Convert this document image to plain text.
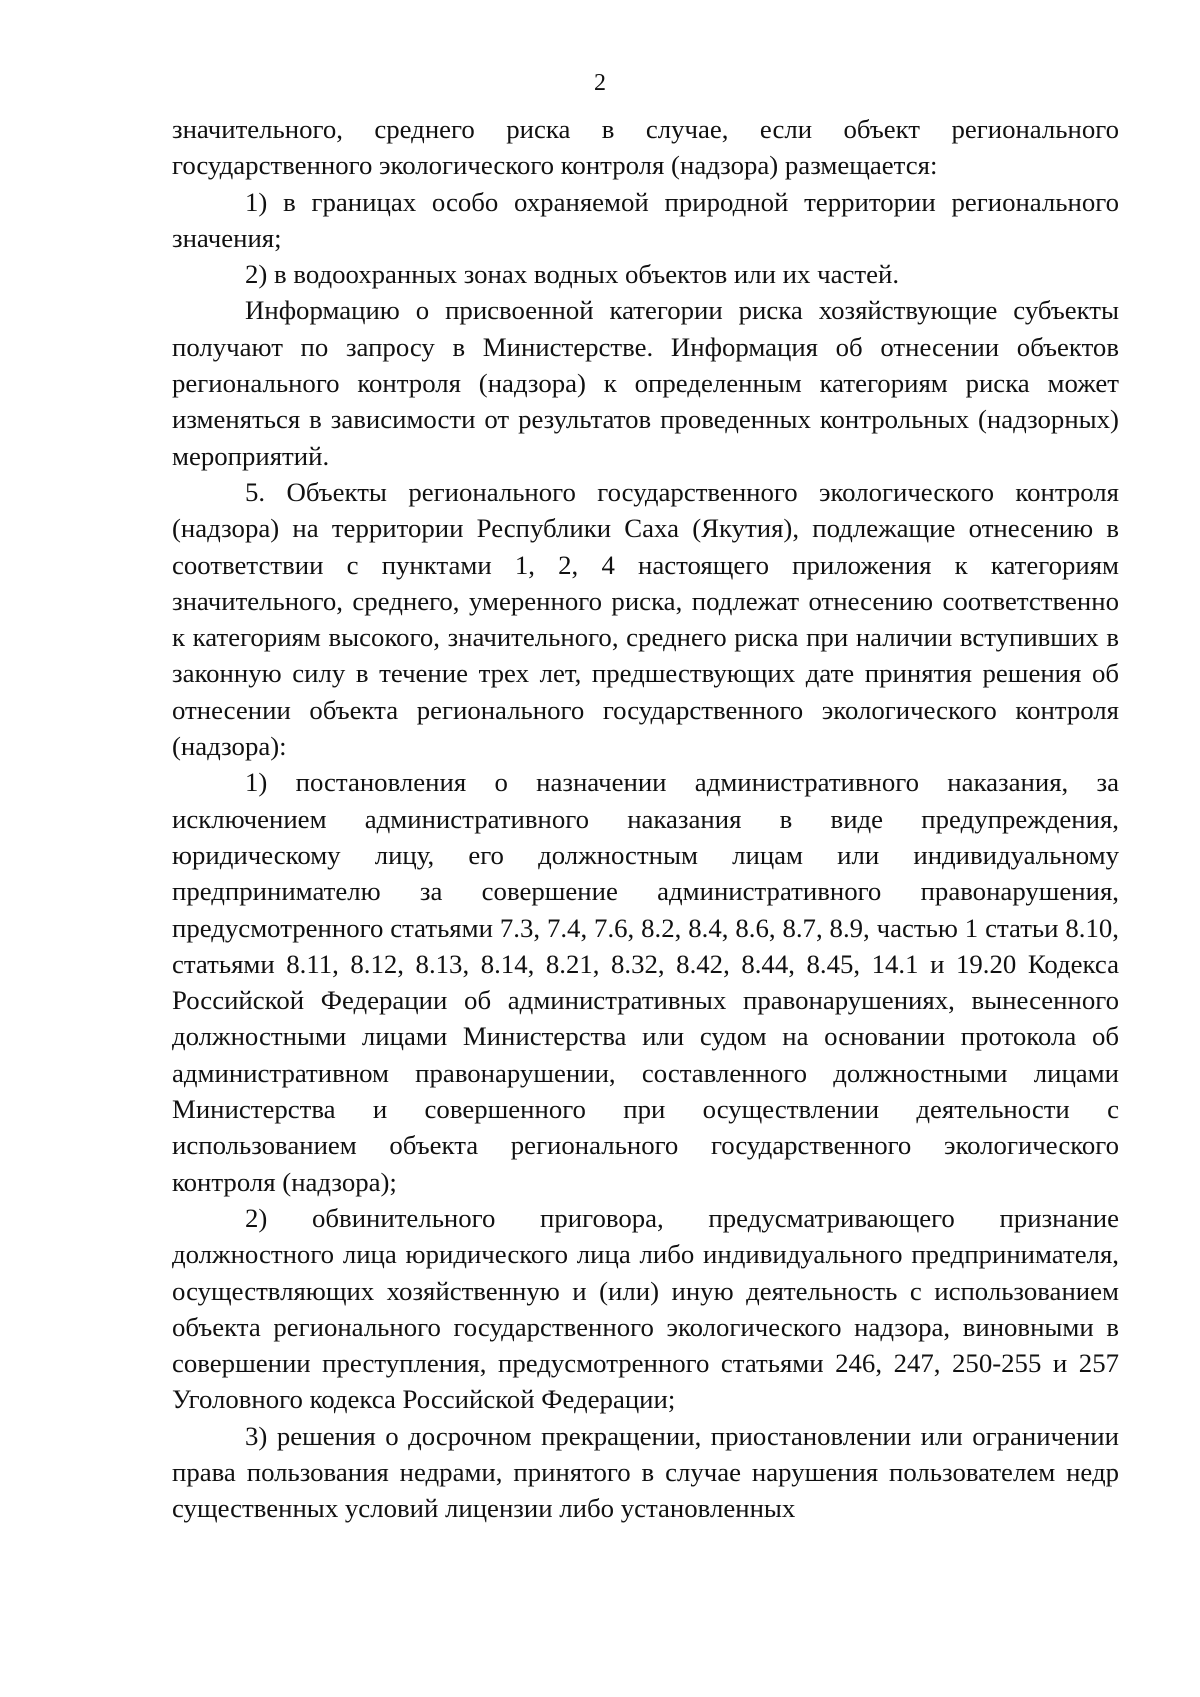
2

значительного, среднего риска в случае, если объект регионального государственного экологического контроля (надзора) размещается:

1) в границах особо охраняемой природной территории регионального значения;

2) в водоохранных зонах водных объектов или их частей.

Информацию о присвоенной категории риска хозяйствующие субъекты получают по запросу в Министерстве. Информация об отнесении объектов регионального контроля (надзора) к определенным категориям риска может изменяться в зависимости от результатов проведенных контрольных (надзорных) мероприятий.

5. Объекты регионального государственного экологического контроля (надзора) на территории Республики Саха (Якутия), подлежащие отнесению в соответствии с пунктами 1, 2, 4 настоящего приложения к категориям значительного, среднего, умеренного риска, подлежат отнесению соответственно к категориям высокого, значительного, среднего риска при наличии вступивших в законную силу в течение трех лет, предшествующих дате принятия решения об отнесении объекта регионального государственного экологического контроля (надзора):

1) постановления о назначении административного наказания, за исключением административного наказания в виде предупреждения, юридическому лицу, его должностным лицам или индивидуальному предпринимателю за совершение административного правонарушения, предусмотренного статьями 7.3, 7.4, 7.6, 8.2, 8.4, 8.6, 8.7, 8.9, частью 1 статьи 8.10, статьями 8.11, 8.12, 8.13, 8.14, 8.21, 8.32, 8.42, 8.44, 8.45, 14.1 и 19.20 Кодекса Российской Федерации об административных правонарушениях, вынесенного должностными лицами Министерства или судом на основании протокола об административном правонарушении, составленного должностными лицами Министерства и совершенного при осуществлении деятельности с использованием объекта регионального государственного экологического контроля (надзора);

2) обвинительного приговора, предусматривающего признание должностного лица юридического лица либо индивидуального предпринимателя, осуществляющих хозяйственную и (или) иную деятельность с использованием объекта регионального государственного экологического надзора, виновными в совершении преступления, предусмотренного статьями 246, 247, 250-255 и 257 Уголовного кодекса Российской Федерации;

3) решения о досрочном прекращении, приостановлении или ограничении права пользования недрами, принятого в случае нарушения пользователем недр существенных условий лицензии либо установленных
